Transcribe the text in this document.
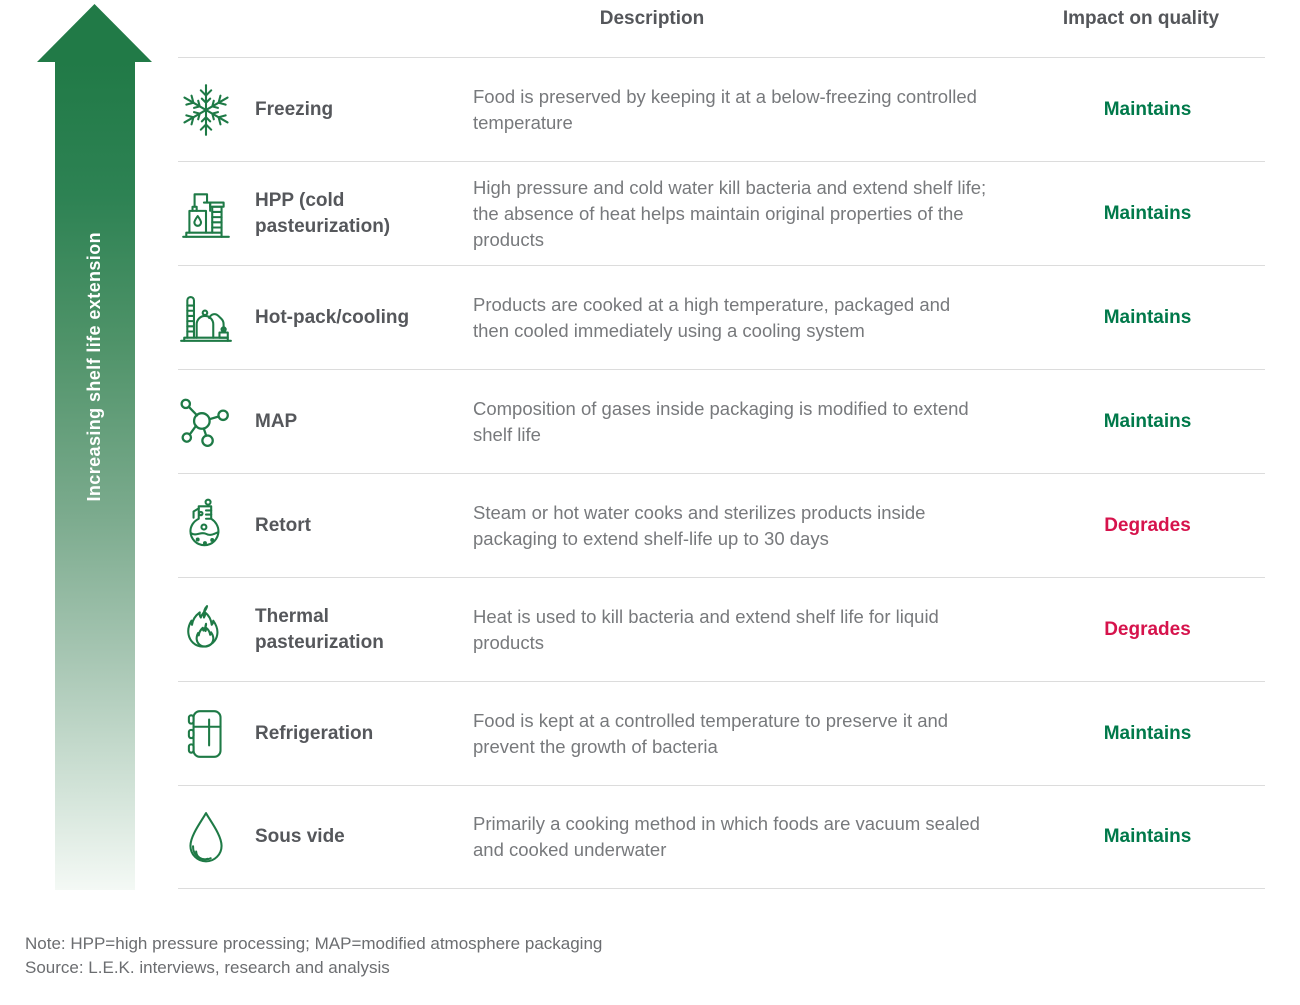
Increasing shelf life extension
Description	Impact on quality
Freezing
Food is preserved by keeping it at a below-freezing controlled temperature
Maintains
HPP (cold pasteurization)
High pressure and cold water kill bacteria and extend shelf life; the absence of heat helps maintain original properties of the products
Maintains
Hot-pack/cooling
Products are cooked at a high temperature, packaged and then cooled immediately using a cooling system
Maintains
MAP
Composition of gases inside packaging is modified to extend shelf life
Maintains
Retort
Steam or hot water cooks and sterilizes products inside packaging to extend shelf-life up to 30 days
Degrades
Thermal pasteurization
Heat is used to kill bacteria and extend shelf life for liquid products
Degrades
Refrigeration
Food is kept at a controlled temperature to preserve it and prevent the growth of bacteria
Maintains
Sous vide
Primarily a cooking method in which foods are vacuum sealed and cooked underwater
Maintains
Note: HPP=high pressure processing; MAP=modified atmosphere packaging
Source: L.E.K. interviews, research and analysis
